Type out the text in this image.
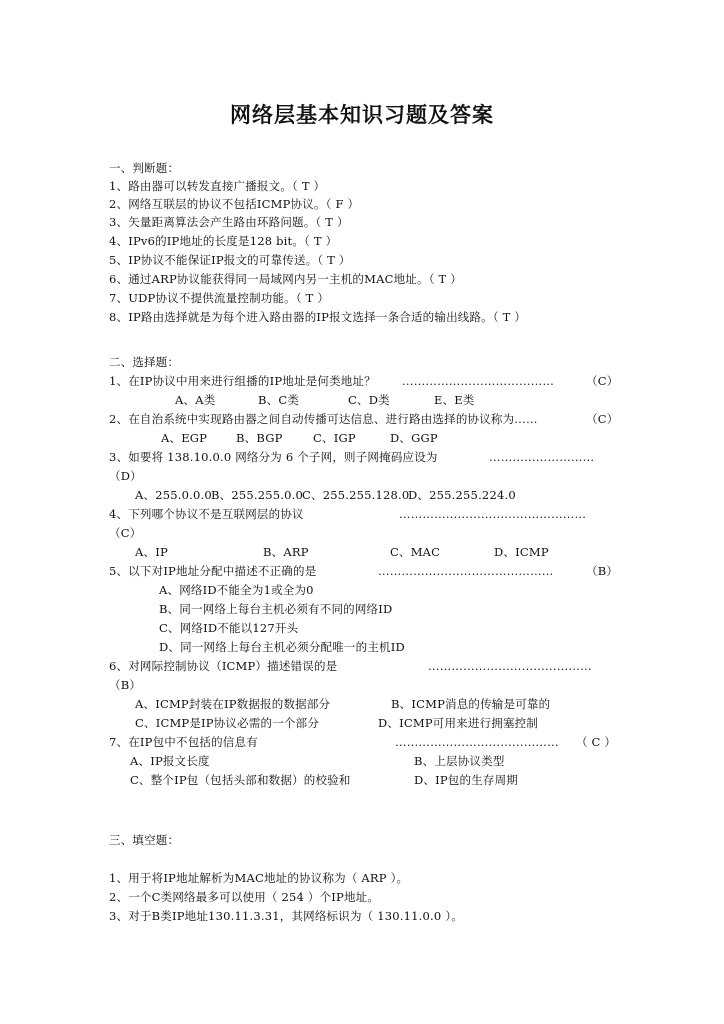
网络层基本知识习题及答案
一、判断题：
1、路由器可以转发直接广播报文。（ T ）
2、网络互联层的协议不包括ICMP协议。（ F ）
3、矢量距离算法会产生路由环路问题。（ T ）
4、IPv6的IP地址的长度是128 bit。（ T ）
5、IP协议不能保证IP报文的可靠传送。（ T ）
6、通过ARP协议能获得同一局域网内另一主机的MAC地址。（ T ）
7、UDP协议不提供流量控制功能。（ T ）
8、IP路由选择就是为每个进入路由器的IP报文选择一条合适的输出线路。（ T ）
二、选择题：
1、在IP协议中用来进行组播的IP地址是何类地址？ …………………………………	（C）
A、A类	B、C类	C、D类	E、E类
2、在自治系统中实现路由器之间自动传播可达信息、进行路由选择的协议称为……	（C）
A、EGP	B、BGP	C、IGP	D、GGP
3、如要将 138.10.0.0 网络分为 6 个子网，则子网掩码应设为	………………………
（D）
A、255.0.0.0 B、255.255.0.0
C、255.255.128.0
D、255.255.224.0
4、下列哪个协议不是互联网层的协议	…………………………………………
（C）
A、IP	B、ARP	C、MAC	D、ICMP
5、以下对IP地址分配中描述不正确的是	………………………………………	（B）
A、网络ID不能全为1或全为0
B、同一网络上每台主机必须有不同的网络ID
C、网络ID不能以127开头
D、同一网络上每台主机必须分配唯一的主机ID
6、对网际控制协议（ICMP）描述错误的是	……………………………………
（B）
A、ICMP封装在IP数据报的数据部分	B、ICMP消息的传输是可靠的
C、ICMP是IP协议必需的一个部分	D、ICMP可用来进行拥塞控制
7、在IP包中不包括的信息有	…………………………………… （ C ）
A、IP报文长度	B、上层协议类型
C、整个IP包（包括头部和数据）的校验和	D、IP包的生存周期
三、填空题：
1、用于将IP地址解析为MAC地址的协议称为（ ARP ）。
2、一个C类网络最多可以使用（ 254 ）个IP地址。
3、对于B类IP地址130.11.3.31，其网络标识为（ 130.11.0.0 ）。
